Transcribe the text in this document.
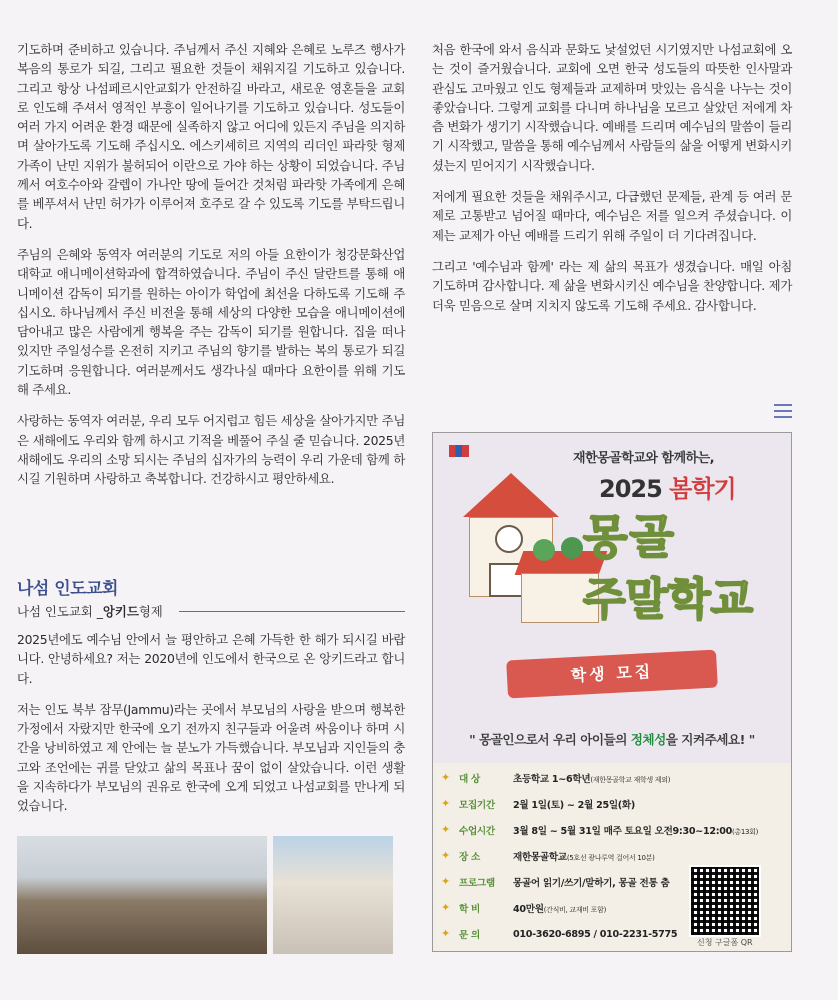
기도하며 준비하고 있습니다. 주님께서 주신 지혜와 은혜로 노루즈 행사가 복음의 통로가 되길, 그리고 필요한 것들이 채워지길 기도하고 있습니다. 그리고 항상 나섬페르시안교회가 안전하길 바라고, 새로운 영혼들을 교회로 인도해 주셔서 영적인 부흥이 일어나기를 기도하고 있습니다. 성도들이 여러 가지 어려운 환경 때문에 실족하지 않고 어디에 있든지 주님을 의지하며 살아가도록 기도해 주십시오. 에스키셰히르 지역의 리더인 파라핫 형제 가족이 난민 지위가 불허되어 이란으로 가야 하는 상황이 되었습니다. 주님께서 여호수아와 갈렙이 가나안 땅에 들어간 것처럼 파라핫 가족에게 은혜를 베푸셔서 난민 허가가 이루어져 호주로 갈 수 있도록 기도를 부탁드립니다.

주님의 은혜와 동역자 여러분의 기도로 저의 아들 요한이가 청강문화산업대학교 애니메이션학과에 합격하였습니다. 주님이 주신 달란트를 통해 애니메이션 감독이 되기를 원하는 아이가 학업에 최선을 다하도록 기도해 주십시오. 하나님께서 주신 비전을 통해 세상의 다양한 모습을 애니메이션에 담아내고 많은 사람에게 행복을 주는 감독이 되기를 원합니다. 집을 떠나 있지만 주일성수를 온전히 지키고 주님의 향기를 발하는 복의 통로가 되길 기도하며 응원합니다. 여러분께서도 생각나실 때마다 요한이를 위해 기도해 주세요.

사랑하는 동역자 여러분, 우리 모두 어지럽고 힘든 세상을 살아가지만 주님은 새해에도 우리와 함께 하시고 기적을 베풀어 주실 줄 믿습니다. 2025년 새해에도 우리의 소망 되시는 주님의 십자가의 능력이 우리 가운데 함께 하시길 기원하며 사랑하고 축복합니다. 건강하시고 평안하세요.

나섬 인도교회
나섬 인도교회 _ 앙키드 형제

2025년에도 예수님 안에서 늘 평안하고 은혜 가득한 한 해가 되시길 바랍니다. 안녕하세요? 저는 2020년에 인도에서 한국으로 온 앙키드라고 합니다.

저는 인도 북부 잠무(Jammu)라는 곳에서 부모님의 사랑을 받으며 행복한 가정에서 자랐지만 한국에 오기 전까지 친구들과 어울려 싸움이나 하며 시간을 낭비하였고 제 안에는 늘 분노가 가득했습니다. 부모님과 지인들의 충고와 조언에는 귀를 닫았고 삶의 목표나 꿈이 없이 살았습니다. 이런 생활을 지속하다가 부모님의 권유로 한국에 오게 되었고 나섬교회를 만나게 되었습니다.

처음 한국에 와서 음식과 문화도 낯설었던 시기였지만 나섬교회에 오는 것이 즐거웠습니다. 교회에 오면 한국 성도들의 따뜻한 인사말과 관심도 고마웠고 인도 형제들과 교제하며 맛있는 음식을 나누는 것이 좋았습니다. 그렇게 교회를 다니며 하나님을 모르고 살았던 저에게 차츰 변화가 생기기 시작했습니다. 예배를 드리며 예수님의 말씀이 들리기 시작했고, 말씀을 통해 예수님께서 사람들의 삶을 어떻게 변화시키셨는지 믿어지기 시작했습니다.

저에게 필요한 것들을 채워주시고, 다급했던 문제들, 관계 등 여러 문제로 고통받고 넘어질 때마다, 예수님은 저를 일으켜 주셨습니다. 이제는 교제가 아닌 예배를 드리기 위해 주일이 더 기다려집니다.

그리고 '예수님과 함께' 라는 제 삶의 목표가 생겼습니다. 매일 아침 기도하며 감사합니다. 제 삶을 변화시키신 예수님을 찬양합니다. 제가 더욱 믿음으로 살며 지치지 않도록 기도해 주세요. 감사합니다.

재한몽골학교와 함께하는,
2025 봄학기
몽골
주말학교
학생 모집
" 몽골인으로서 우리 아이들의 정체성을 지켜주세요! "
✦ 대 상	초등학교 1~6학년(재한몽골학교 재학생 제외)
✦ 모집기간	2월 1일(토) ~ 2월 25일(화)
✦ 수업시간	3월 8일 ~ 5월 31일 매주 토요일 오전9:30~12:00(총13회)
✦ 장 소	재한몽골학교(5호선 광나루역 걸어서 10분)
✦ 프로그램	몽골어 읽기/쓰기/말하기, 몽골 전통 춤
✦ 학 비	40만원(간식비, 교재비 포함)
✦ 문 의	010-3620-6895 / 010-2231-5775
신청 구글폼 QR
